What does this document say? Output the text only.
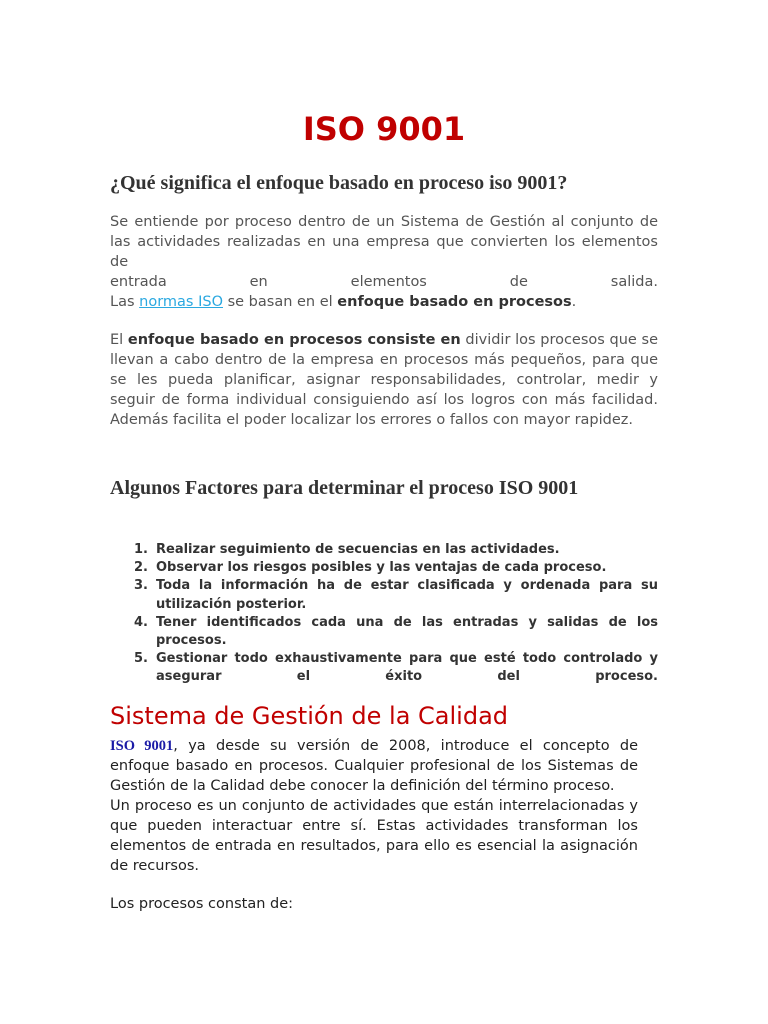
ISO 9001
¿Qué significa el enfoque basado en proceso iso 9001?
Se entiende por proceso dentro de un Sistema de Gestión al conjunto de las actividades realizadas en una empresa que convierten los elementos de
entrada en elementos de salida.

Las normas ISO se basan en el enfoque basado en procesos.

El enfoque basado en procesos consiste en dividir los procesos que se llevan a cabo dentro de la empresa en procesos más pequeños, para que se les pueda planificar, asignar responsabilidades, controlar, medir y seguir de forma individual consiguiendo así los logros con más facilidad. Además facilita el poder localizar los errores o fallos con mayor rapidez.

Algunos Factores para determinar el proceso ISO 9001
1. Realizar seguimiento de secuencias en las actividades.
2. Observar los riesgos posibles y las ventajas de cada proceso.
3. Toda la información ha de estar clasificada y ordenada para su utilización posterior.
4. Tener identificados cada una de las entradas y salidas de los procesos.
5. Gestionar todo exhaustivamente para que esté todo controlado y asegurar el éxito del proceso.
Sistema de Gestión de la Calidad
ISO 9001, ya desde su versión de 2008, introduce el concepto de enfoque basado en procesos. Cualquier profesional de los Sistemas de Gestión de la Calidad debe conocer la definición del término proceso.
Un proceso es un conjunto de actividades que están interrelacionadas y que pueden interactuar entre sí. Estas actividades transforman los elementos de entrada en resultados, para ello es esencial la asignación de recursos.

Los procesos constan de:
